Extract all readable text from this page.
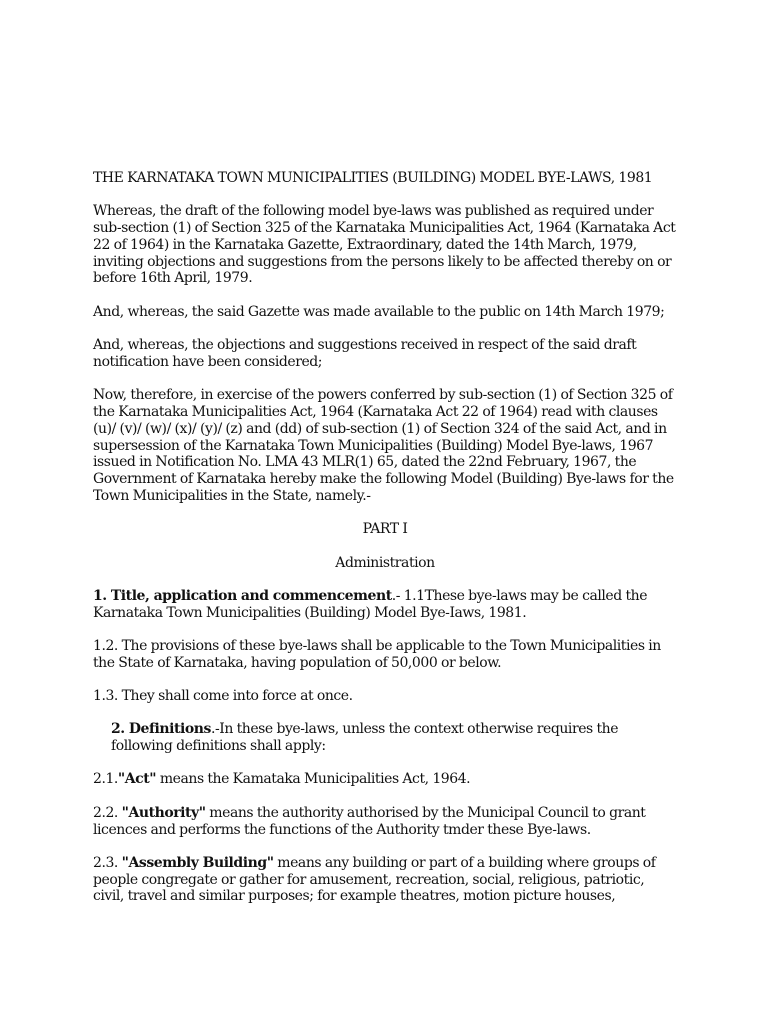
THE KARNATAKA TOWN MUNICIPALITIES (BUILDING) MODEL BYE-LAWS, 1981

Whereas, the draft of the following model bye-laws was published as required under sub-section (1) of Section 325 of the Karnataka Municipalities Act, 1964 (Karnataka Act 22 of 1964) in the Karnataka Gazette, Extraordinary, dated the 14th March, 1979, inviting objections and suggestions from the persons likely to be affected thereby on or before 16th April, 1979.

And, whereas, the said Gazette was made available to the public on 14th March 1979;

And, whereas, the objections and suggestions received in respect of the said draft notification have been considered;

Now, therefore, in exercise of the powers conferred by sub-section (1) of Section 325 of the Karnataka Municipalities Act, 1964 (Karnataka Act 22 of 1964) read with clauses (u)/ (v)/ (w)/ (x)/ (y)/ (z) and (dd) of sub-section (1) of Section 324 of the said Act, and in supersession of the Karnataka Town Municipalities (Building) Model Bye-laws, 1967 issued in Notification No. LMA 43 MLR(1) 65, dated the 22nd February, 1967, the Government of Karnataka hereby make the following Model (Building) Bye-laws for the Town Municipalities in the State, namely.-

PART I

Administration

1. Title, application and commencement.- 1.1These bye-laws may be called the Karnataka Town Municipalities (Building) Model Bye-Iaws, 1981.

1.2. The provisions of these bye-laws shall be applicable to the Town Municipalities in the State of Karnataka, having population of 50,000 or below.

1.3. They shall come into force at once.

2. Definitions.-In these bye-laws, unless the context otherwise requires the following definitions shall apply:

2.1."Act" means the Kamataka Municipalities Act, 1964.

2.2. "Authority" means the authority authorised by the Municipal Council to grant licences and performs the functions of the Authority tmder these Bye-laws.

2.3. "Assembly Building" means any building or part of a building where groups of people congregate or gather for amusement, recreation, social, religious, patriotic, civil, travel and similar purposes; for example theatres, motion picture houses,
